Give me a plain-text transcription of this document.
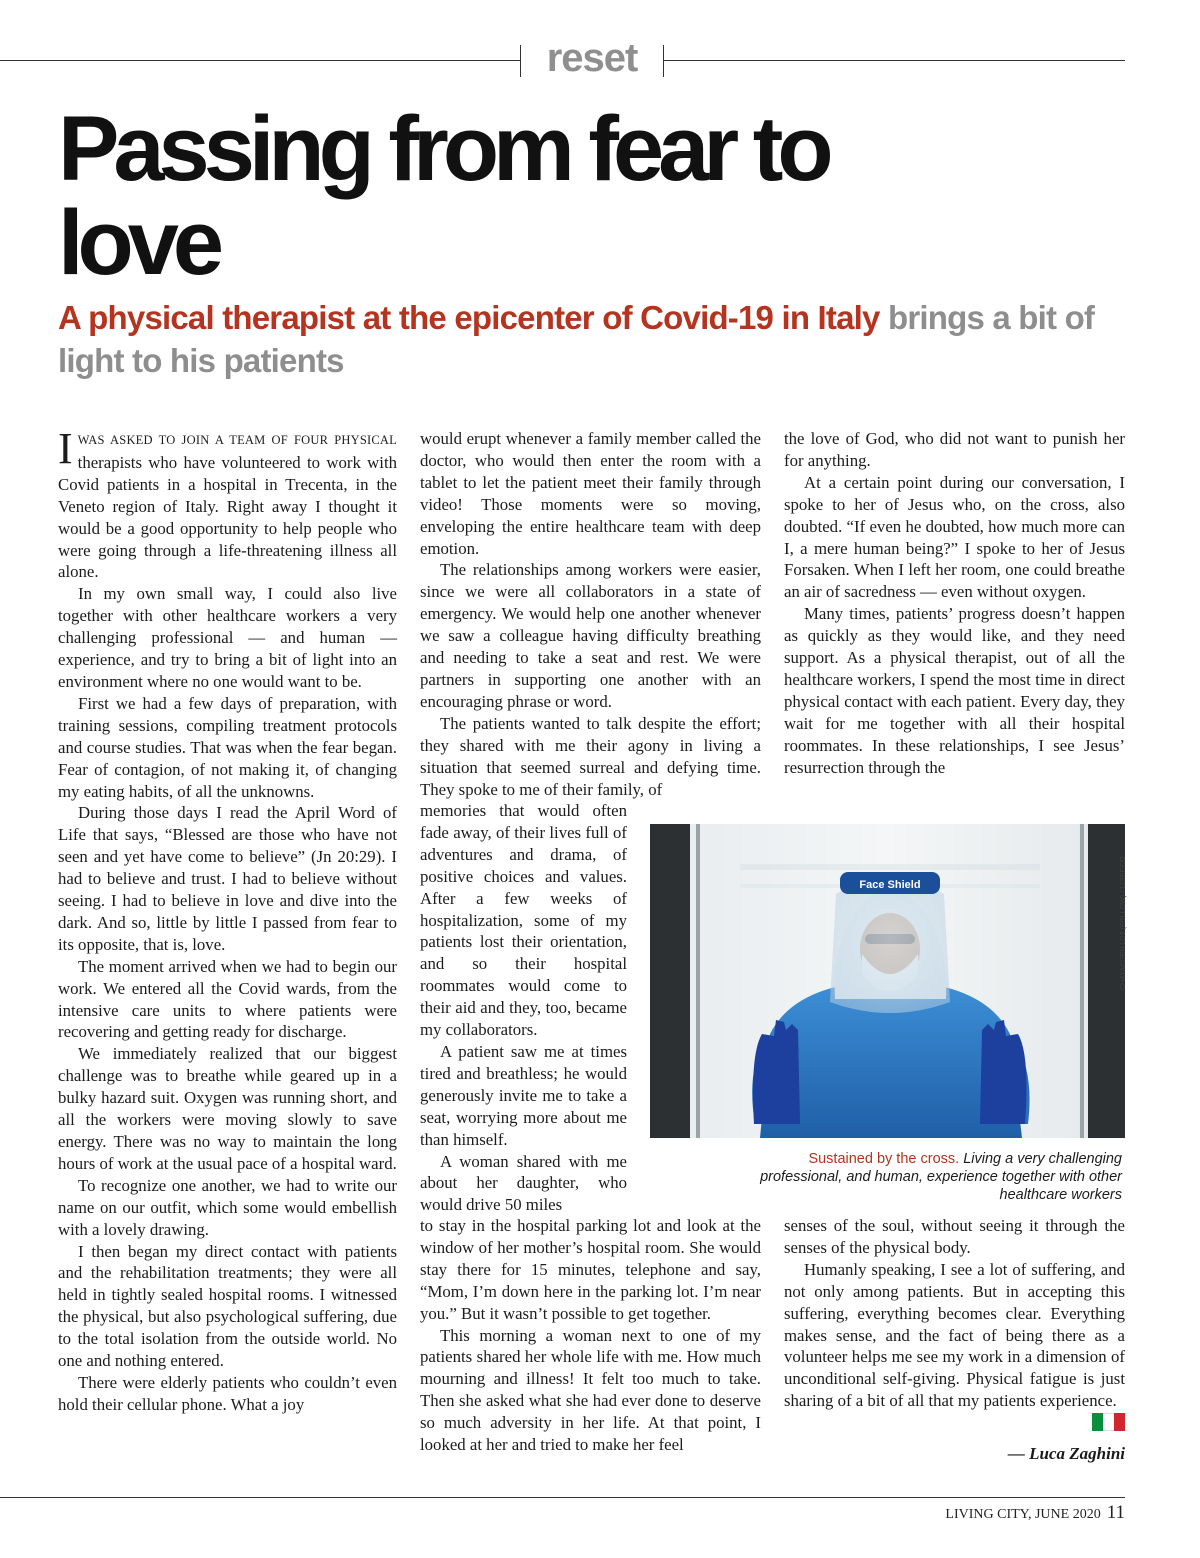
reset
Passing from fear to love
A physical therapist at the epicenter of Covid-19 in Italy brings a bit of light to his patients

IWAS ASKED TO JOIN A TEAM OF FOUR PHYSICAL therapists who have volunteered to work with Covid patients in a hospital in Trecenta, in the Veneto region of Italy. Right away I thought it would be a good opportunity to help people who were going through a life-threatening illness all alone.

In my own small way, I could also live together with other healthcare workers a very challenging professional — and human — experience, and try to bring a bit of light into an environment where no one would want to be.

First we had a few days of preparation, with training sessions, compiling treatment protocols and course studies. That was when the fear began. Fear of contagion, of not making it, of changing my eating habits, of all the unknowns.

During those days I read the April Word of Life that says, “Blessed are those who have not seen and yet have come to believe” (Jn 20:29). I had to believe and trust. I had to believe without seeing. I had to believe in love and dive into the dark. And so, little by little I passed from fear to its opposite, that is, love.

The moment arrived when we had to begin our work. We entered all the Covid wards, from the intensive care units to where patients were recovering and getting ready for discharge.

We immediately realized that our biggest challenge was to breathe while geared up in a bulky hazard suit. Oxygen was running short, and all the workers were moving slowly to save energy. There was no way to maintain the long hours of work at the usual pace of a hospital ward.

To recognize one another, we had to write our name on our outfit, which some would embellish with a lovely drawing.

I then began my direct contact with patients and the rehabilitation treatments; they were all held in tightly sealed hospital rooms. I witnessed the physical, but also psychological suffering, due to the total isolation from the outside world. No one and nothing entered.

There were elderly patients who couldn’t even hold their cellular phone. What a joy

would erupt whenever a family member called the doctor, who would then enter the room with a tablet to let the patient meet their family through video! Those moments were so moving, enveloping the entire healthcare team with deep emotion.

The relationships among workers were easier, since we were all collaborators in a state of emergency. We would help one another whenever we saw a colleague having difficulty breathing and needing to take a seat and rest. We were partners in supporting one another with an encouraging phrase or word.

The patients wanted to talk despite the effort; they shared with me their agony in living a situation that seemed surreal and defying time. They spoke to me of their family, of

memories that would often fade away, of their lives full of adventures and drama, of positive choices and values. After a few weeks of hospitalization, some of my patients lost their orientation, and so their hospital roommates would come to their aid and they, too, became my collaborators.

A patient saw me at times tired and breathless; he would generously invite me to take a seat, worrying more about me than himself.

A woman shared with me about her daughter, who would drive 50 miles

to stay in the hospital parking lot and look at the window of her mother’s hospital room. She would stay there for 15 minutes, telephone and say, “Mom, I’m down here in the parking lot. I’m near you.” But it wasn’t possible to get together.

This morning a woman next to one of my patients shared her whole life with me. How much mourning and illness! It felt too much to take. Then she asked what she had ever done to deserve so much adversity in her life. At that point, I looked at her and tried to make her feel

the love of God, who did not want to punish her for anything.

At a certain point during our conversation, I spoke to her of Jesus who, on the cross, also doubted. “If even he doubted, how much more can I, a mere human being?” I spoke to her of Jesus Forsaken. When I left her room, one could breathe an air of sacredness — even without oxygen.

Many times, patients’ progress doesn’t happen as quickly as they would like, and they need support. As a physical therapist, out of all the healthcare workers, I spend the most time in direct physical contact with each patient. Every day, they wait for me together with all their hospital roommates. In these relationships, I see Jesus’ resurrection through the

Face Shield	CHAYAKORN LOT (FOLLOW) / 123RF.CO
Sustained by the cross. Living a very challenging professional, and human, experience together with other healthcare workers

senses of the soul, without seeing it through the senses of the physical body.

Humanly speaking, I see a lot of suffering, and not only among patients. But in accepting this suffering, everything becomes clear. Everything makes sense, and the fact of being there as a volunteer helps me see my work in a dimension of unconditional self-giving. Physical fatigue is just sharing of a bit of all that my patients experience.

— Luca Zaghini
LIVING CITY, JUNE 2020 11
